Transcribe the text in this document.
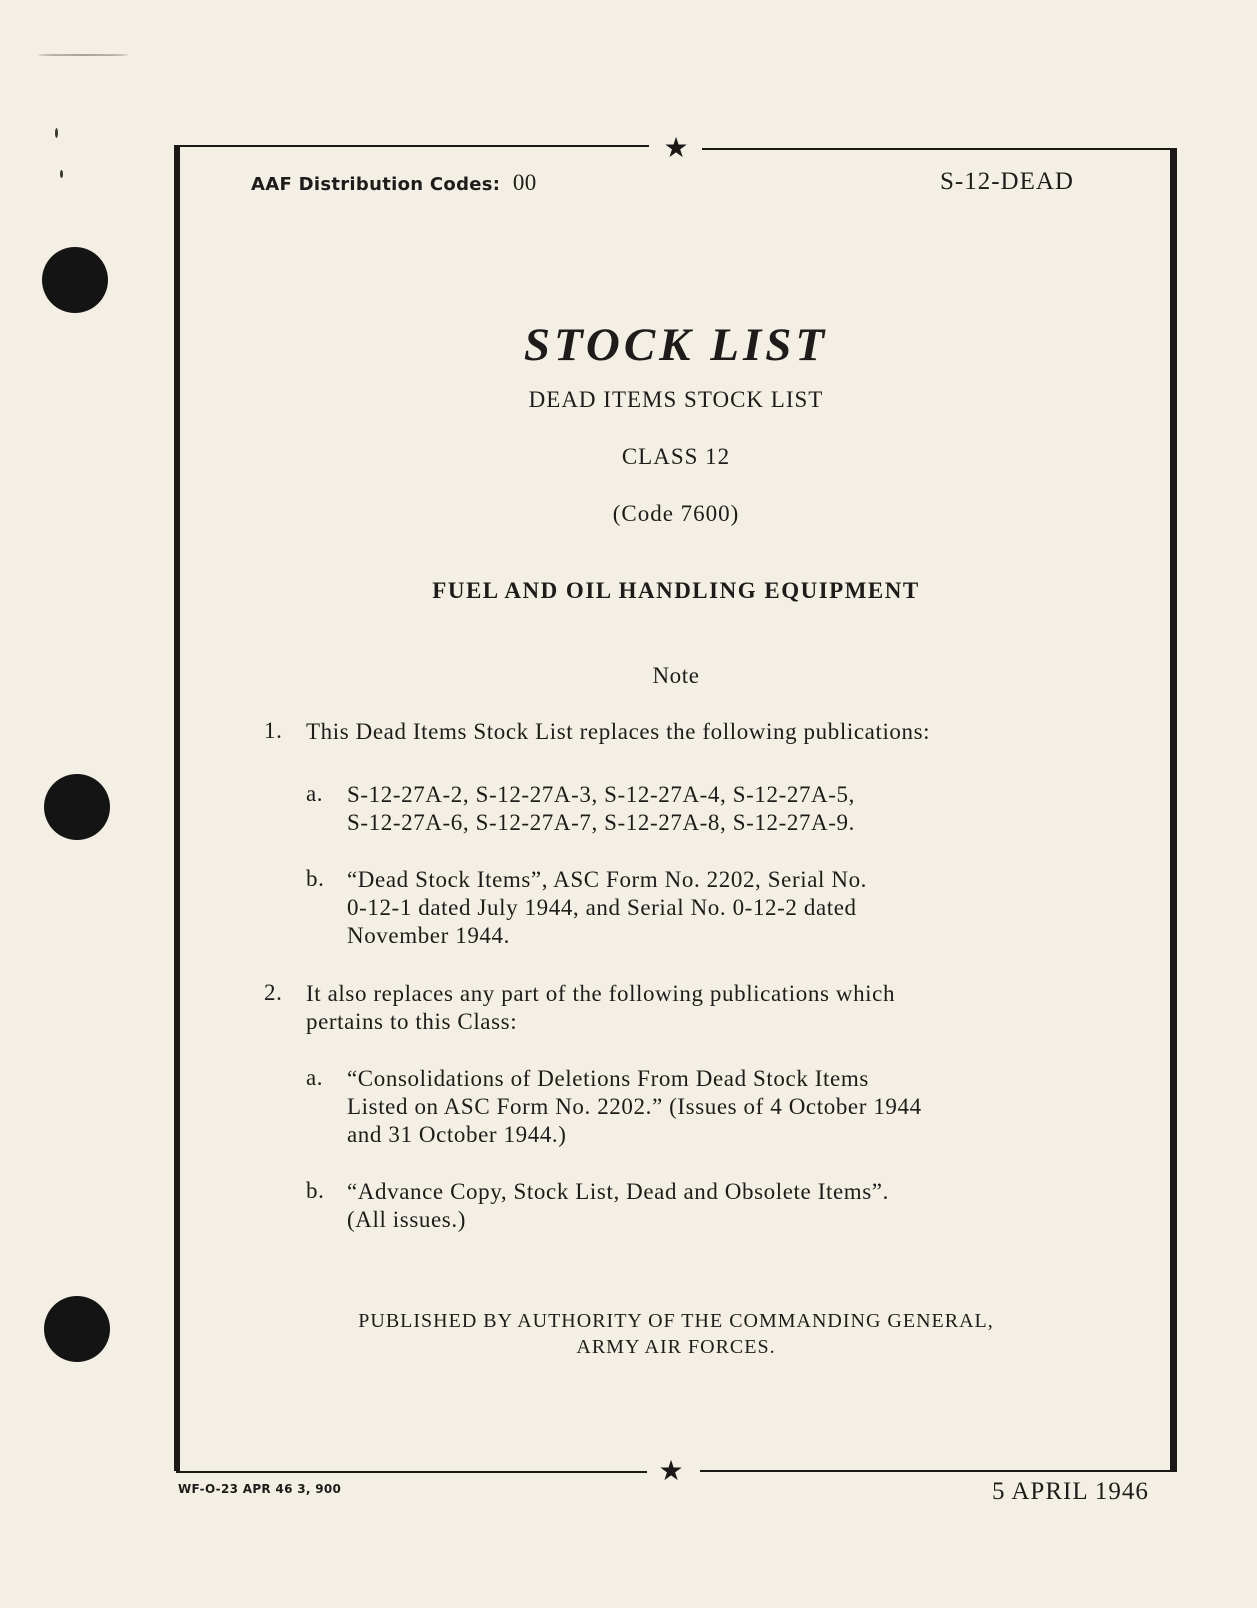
★
★
AAF Distribution Codes: 00	S-12-DEAD
STOCK LIST
DEAD ITEMS STOCK LIST
CLASS 12
(Code 7600)
FUEL AND OIL HANDLING EQUIPMENT
Note
1. This Dead Items Stock List replaces the following publications:
a. S-12-27A-2, S-12-27A-3, S-12-27A-4, S-12-27A-5,
S-12-27A-6, S-12-27A-7, S-12-27A-8, S-12-27A-9.
b. “Dead Stock Items”, ASC Form No. 2202, Serial No.
0-12-1 dated July 1944, and Serial No. 0-12-2 dated
November 1944.
2. It also replaces any part of the following publications which
pertains to this Class:
a. “Consolidations of Deletions From Dead Stock Items
Listed on ASC Form No. 2202.” (Issues of 4 October 1944
and 31 October 1944.)
b. “Advance Copy, Stock List, Dead and Obsolete Items”.
(All issues.)
PUBLISHED BY AUTHORITY OF THE COMMANDING GENERAL,
ARMY AIR FORCES.
WF-O-23 APR 46 3, 900	5 APRIL 1946
